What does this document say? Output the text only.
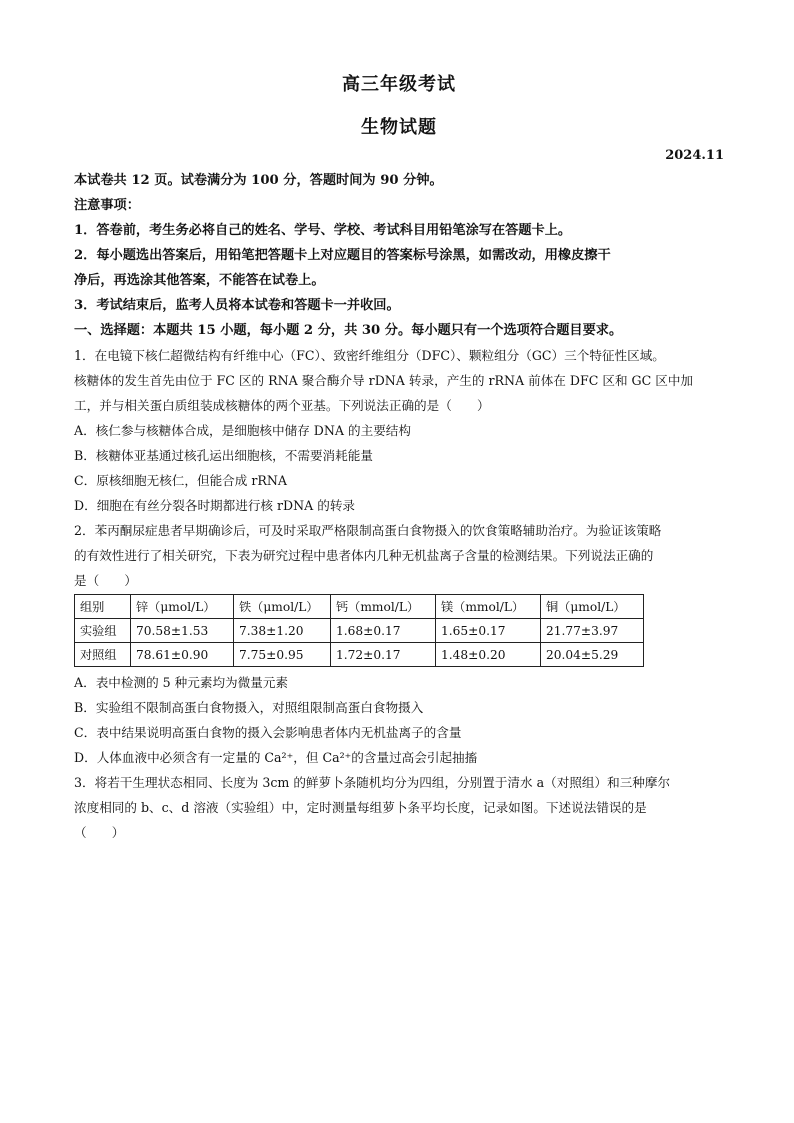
高三年级考试
生物试题
2024.11
本试卷共 12 页。试卷满分为 100 分，答题时间为 90 分钟。
注意事项：
1．答卷前，考生务必将自己的姓名、学号、学校、考试科目用铅笔涂写在答题卡上。
2．每小题选出答案后，用铅笔把答题卡上对应题目的答案标号涂黑，如需改动，用橡皮擦干
净后，再选涂其他答案，不能答在试卷上。
3．考试结束后，监考人员将本试卷和答题卡一并收回。
一、选择题：本题共 15 小题，每小题 2 分，共 30 分。每小题只有一个选项符合题目要求。
1．在电镜下核仁超微结构有纤维中心（FC）、致密纤维组分（DFC）、颗粒组分（GC）三个特征性区域。
核糖体的发生首先由位于 FC 区的 RNA 聚合酶介导 rDNA 转录，产生的 rRNA 前体在 DFC 区和 GC 区中加
工，并与相关蛋白质组装成核糖体的两个亚基。下列说法正确的是（　　）
A．核仁参与核糖体合成，是细胞核中储存 DNA 的主要结构
B．核糖体亚基通过核孔运出细胞核，不需要消耗能量
C．原核细胞无核仁，但能合成 rRNA
D．细胞在有丝分裂各时期都进行核 rDNA 的转录
2．苯丙酮尿症患者早期确诊后，可及时采取严格限制高蛋白食物摄入的饮食策略辅助治疗。为验证该策略
的有效性进行了相关研究，下表为研究过程中患者体内几种无机盐离子含量的检测结果。下列说法正确的
是（　　）
组别	锌（μmol/L）	铁（μmol/L）	钙（mmol/L）	镁（mmol/L）	铜（μmol/L）
实验组	70.58±1.53	7.38±1.20	1.68±0.17	1.65±0.17	21.77±3.97
对照组	78.61±0.90	7.75±0.95	1.72±0.17	1.48±0.20	20.04±5.29
A．表中检测的 5 种元素均为微量元素
B．实验组不限制高蛋白食物摄入，对照组限制高蛋白食物摄入
C．表中结果说明高蛋白食物的摄入会影响患者体内无机盐离子的含量
D．人体血液中必须含有一定量的 Ca²⁺，但 Ca²⁺的含量过高会引起抽搐
3．将若干生理状态相同、长度为 3cm 的鲜萝卜条随机均分为四组，分别置于清水 a（对照组）和三种摩尔
浓度相同的 b、c、d 溶液（实验组）中，定时测量每组萝卜条平均长度，记录如图。下述说法错误的是
（　　）
